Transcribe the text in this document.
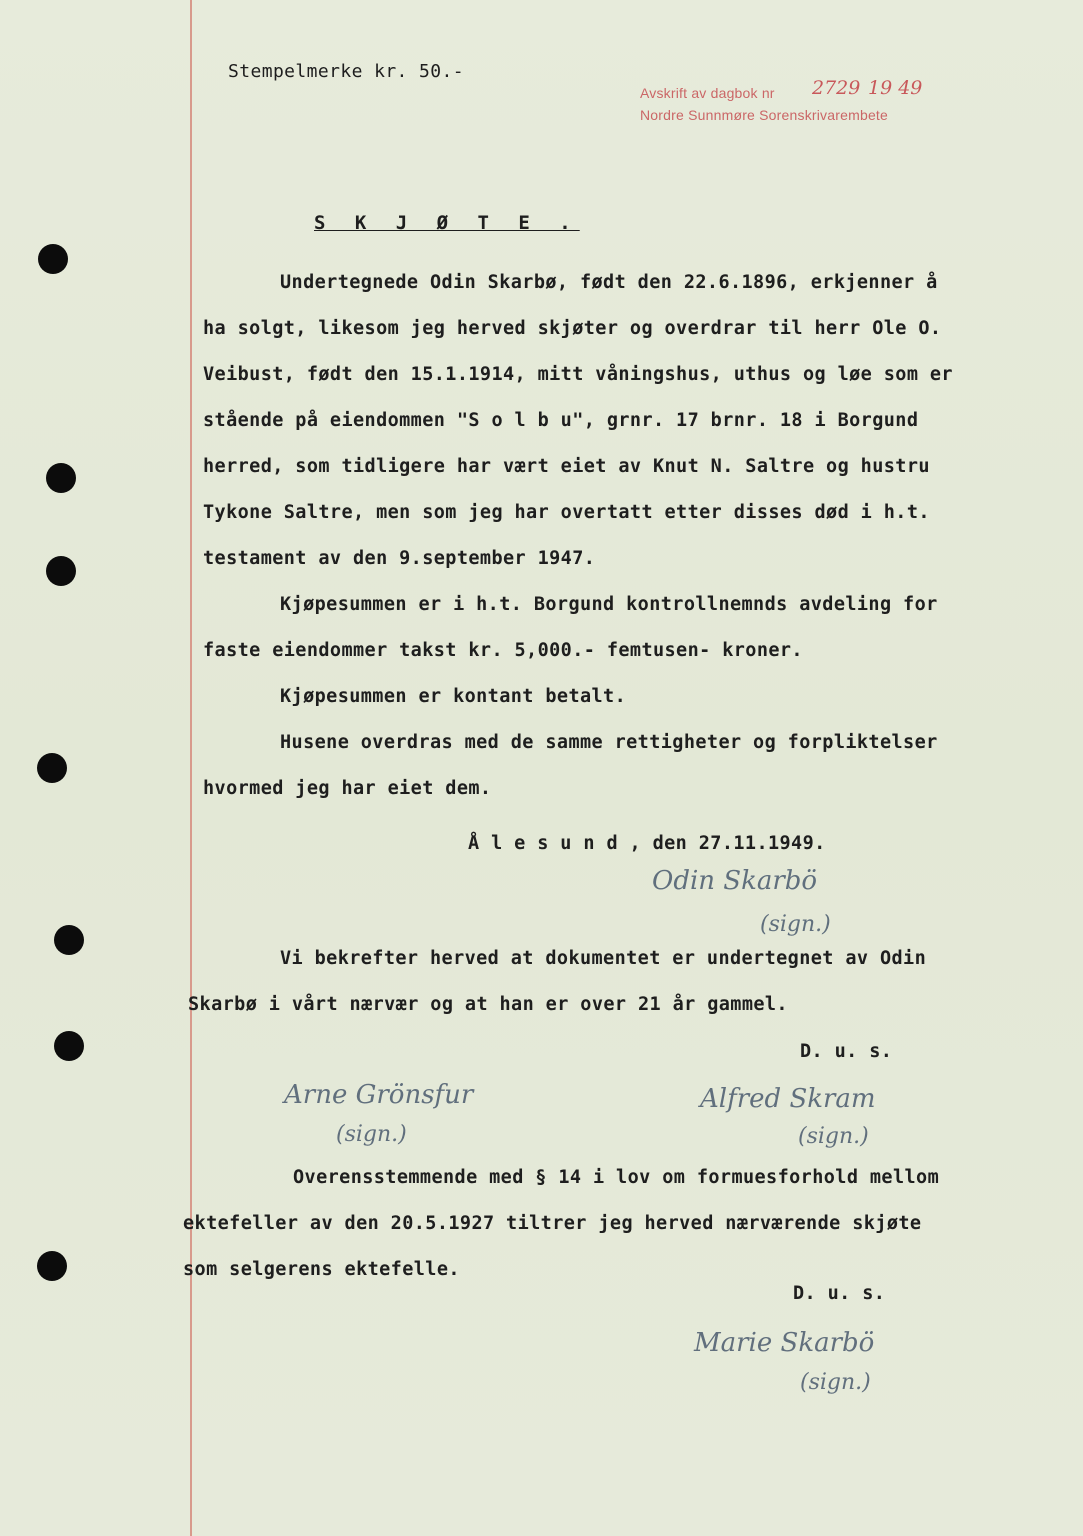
Stempelmerke kr. 50.-
Avskrift av dagbok nr 2729 19 49
Nordre Sunnmøre Sorenskrivarembete
S K J Ø T E .
Undertegnede Odin Skarbø, født den 22.6.1896, erkjenner å
ha solgt, likesom jeg herved skjøter og overdrar til herr Ole O.
Veibust, født den 15.1.1914, mitt våningshus, uthus og løe som er
stående på eiendommen "S o l b u", grnr. 17 brnr. 18 i Borgund
herred, som tidligere har vært eiet av Knut N. Saltre og hustru
Tykone Saltre, men som jeg har overtatt etter disses død i h.t.
testament av den 9.september 1947.
Kjøpesummen er i h.t. Borgund kontrollnemnds avdeling for
faste eiendommer takst kr. 5,000.- femtusen- kroner.
Kjøpesummen er kontant betalt.
Husene overdras med de samme rettigheter og forpliktelser
hvormed jeg har eiet dem.
Å l e s u n d , den 27.11.1949.
Odin Skarbö
(sign.)
Vi bekrefter herved at dokumentet er undertegnet av Odin
Skarbø i vårt nærvær og at han er over 21 år gammel.
D. u. s.
Arne Grönsfur
(sign.)
Alfred Skram
(sign.)
Overensstemmende med § 14 i lov om formuesforhold mellom
ektefeller av den 20.5.1927 tiltrer jeg herved nærværende skjøte
som selgerens ektefelle.
D. u. s.
Marie Skarbö
(sign.)
